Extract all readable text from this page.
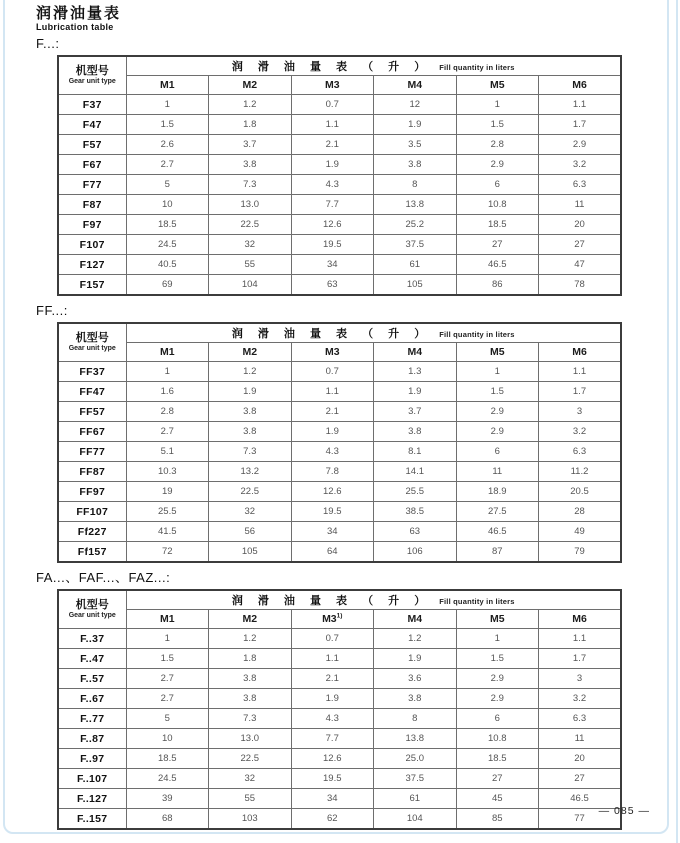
润滑油量表
Lubrication table
F...:
机型号
Gear unit type	润 滑 油 量 表 （ 升 ） Fill quantity in liters					
	M1	M2	M3	M4	M5	M6
F37	1	1.2	0.7	12	1	1.1
F47	1.5	1.8	1.1	1.9	1.5	1.7
F57	2.6	3.7	2.1	3.5	2.8	2.9
F67	2.7	3.8	1.9	3.8	2.9	3.2
F77	5	7.3	4.3	8	6	6.3
F87	10	13.0	7.7	13.8	10.8	11
F97	18.5	22.5	12.6	25.2	18.5	20
F107	24.5	32	19.5	37.5	27	27
F127	40.5	55	34	61	46.5	47
F157	69	104	63	105	86	78
FF...:
机型号
Gear unit type	润 滑 油 量 表 （ 升 ） Fill quantity in liters					
	M1	M2	M3	M4	M5	M6
FF37	1	1.2	0.7	1.3	1	1.1
FF47	1.6	1.9	1.1	1.9	1.5	1.7
FF57	2.8	3.8	2.1	3.7	2.9	3
FF67	2.7	3.8	1.9	3.8	2.9	3.2
FF77	5.1	7.3	4.3	8.1	6	6.3
FF87	10.3	13.2	7.8	14.1	11	11.2
FF97	19	22.5	12.6	25.5	18.9	20.5
FF107	25.5	32	19.5	38.5	27.5	28
Ff227	41.5	56	34	63	46.5	49
Ff157	72	105	64	106	87	79
FA...、FAF...、FAZ...:
机型号
Gear unit type	润 滑 油 量 表 （ 升 ） Fill quantity in liters					
	M1	M2	M3$^{1)}$	M4	M5	M6
F..37	1	1.2	0.7	1.2	1	1.1
F..47	1.5	1.8	1.1	1.9	1.5	1.7
F..57	2.7	3.8	2.1	3.6	2.9	3
F..67	2.7	3.8	1.9	3.8	2.9	3.2
F..77	5	7.3	4.3	8	6	6.3
F..87	10	13.0	7.7	13.8	10.8	11
F..97	18.5	22.5	12.6	25.0	18.5	20
F..107	24.5	32	19.5	37.5	27	27
F..127	39	55	34	61	45	46.5
F..157	68	103	62	104	85	77
— 085 —
